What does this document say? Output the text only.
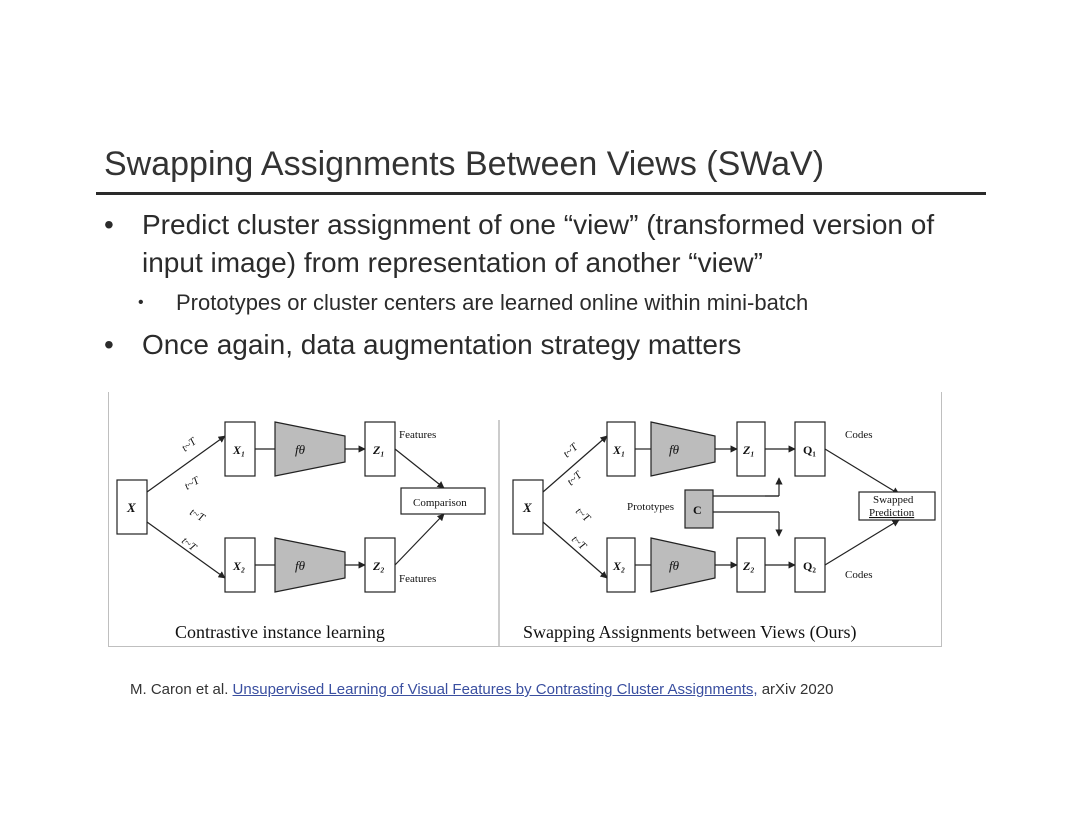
Swapping Assignments Between Views (SWaV)
•	Predict cluster assignment of one “view” (transformed version of input image) from representation of another “view”
•	Prototypes or cluster centers are learned online within mini-batch
•	Once again, data augmentation strategy matters
X
X₁
X₂
fθ
fθ
Z₁
Z₂
Features
Features
Comparison
t~T
t~T
t~T
t~T
Contrastive instance learning
X
X₁
X₂
fθ
fθ
Z₁
Z₂
Q₁
Q₂
Codes
Codes
Prototypes C
Swapped
Prediction
t~T
t~T
t~T
t~T
Swapping Assignments between Views (Ours)
M. Caron et al. Unsupervised Learning of Visual Features by Contrasting Cluster Assignments, arXiv 2020
